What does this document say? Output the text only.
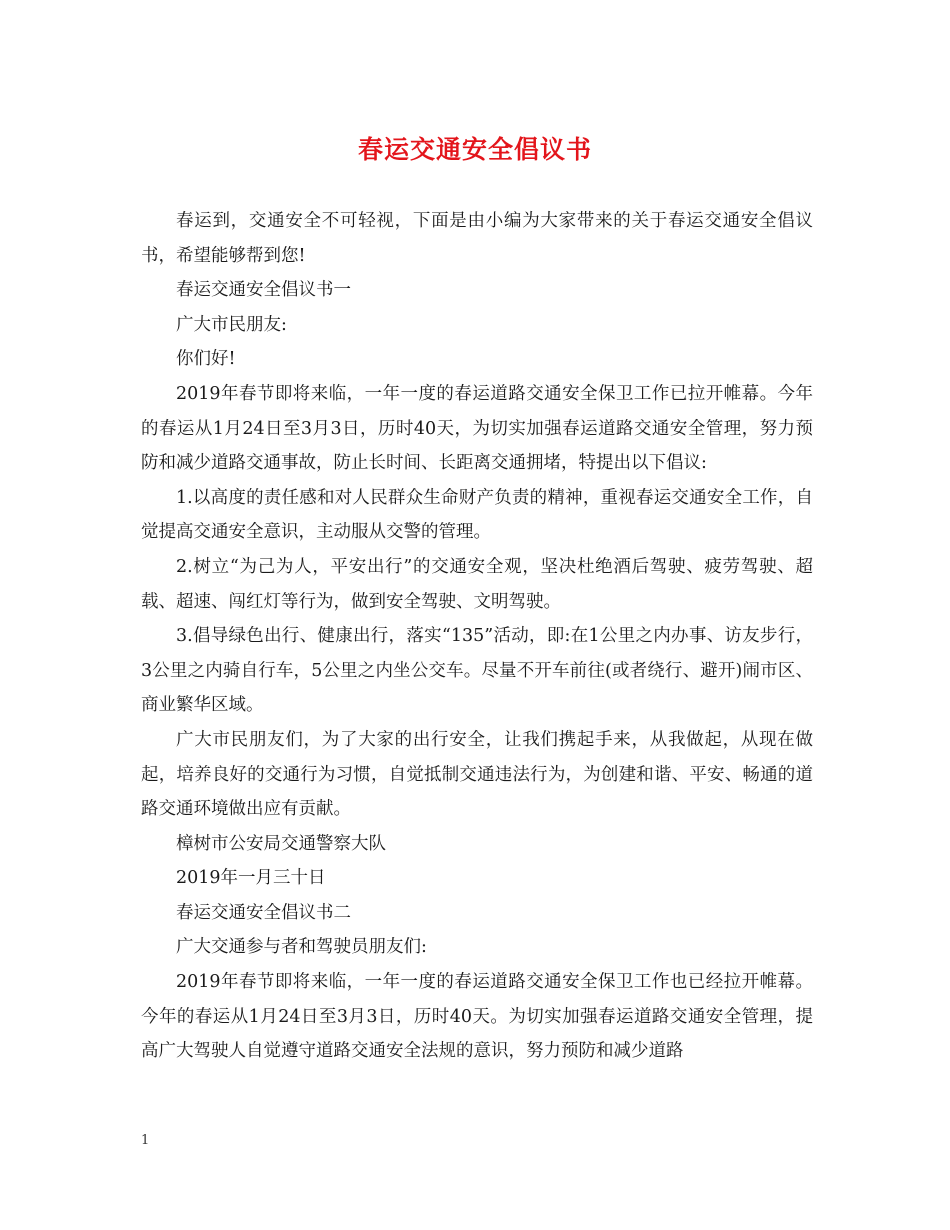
春运交通安全倡议书

春运到，交通安全不可轻视，下面是由小编为大家带来的关于春运交通安全倡议书，希望能够帮到您!

春运交通安全倡议书一

广大市民朋友:

你们好!

2019年春节即将来临，一年一度的春运道路交通安全保卫工作已拉开帷幕。今年的春运从1月24日至3月3日，历时40天，为切实加强春运道路交通安全管理，努力预防和减少道路交通事故，防止长时间、长距离交通拥堵，特提出以下倡议:

1.以高度的责任感和对人民群众生命财产负责的精神，重视春运交通安全工作，自觉提高交通安全意识，主动服从交警的管理。

2.树立“为己为人，平安出行”的交通安全观，坚决杜绝酒后驾驶、疲劳驾驶、超载、超速、闯红灯等行为，做到安全驾驶、文明驾驶。

3.倡导绿色出行、健康出行，落实“135”活动，即:在1公里之内办事、访友步行，3公里之内骑自行车，5公里之内坐公交车。尽量不开车前往(或者绕行、避开)闹市区、商业繁华区域。

广大市民朋友们，为了大家的出行安全，让我们携起手来，从我做起，从现在做起，培养良好的交通行为习惯，自觉抵制交通违法行为，为创建和谐、平安、畅通的道路交通环境做出应有贡献。

樟树市公安局交通警察大队

2019年一月三十日

春运交通安全倡议书二

广大交通参与者和驾驶员朋友们:

2019年春节即将来临，一年一度的春运道路交通安全保卫工作也已经拉开帷幕。今年的春运从1月24日至3月3日，历时40天。为切实加强春运道路交通安全管理，提高广大驾驶人自觉遵守道路交通安全法规的意识，努力预防和减少道路

1
